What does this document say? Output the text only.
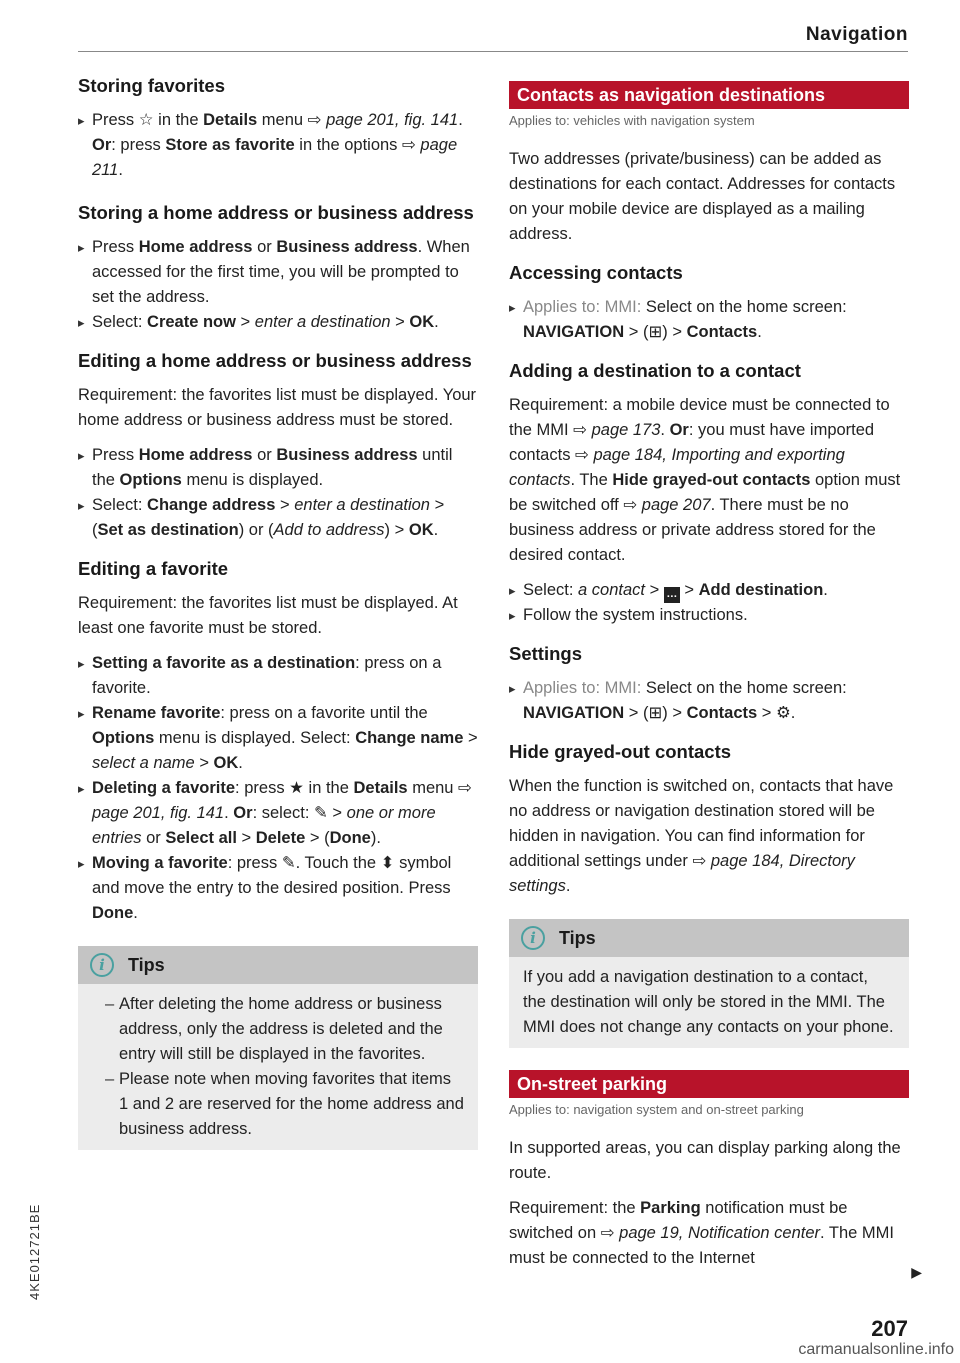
Navigation
4KE012721BE
Storing favorites
▸ Press ☆ in the Details menu ⇨ page 201, fig. 141. Or: press Store as favorite in the options ⇨ page 211.
Storing a home address or business address
▸ Press Home address or Business address. When accessed for the first time, you will be prompted to set the address.
▸ Select: Create now > enter a destination > OK.
Editing a home address or business address

Requirement: the favorites list must be displayed. Your home address or business address must be stored.

▸ Press Home address or Business address until the Options menu is displayed.
▸ Select: Change address > enter a destination > (Set as destination) or (Add to address) > OK.
Editing a favorite

Requirement: the favorites list must be displayed. At least one favorite must be stored.

▸ Setting a favorite as a destination: press on a favorite.
▸ Rename favorite: press on a favorite until the Options menu is displayed. Select: Change name > select a name > OK.
▸ Deleting a favorite: press ★ in the Details menu ⇨ page 201, fig. 141. Or: select: ✎ > one or more entries or Select all > Delete > (Done).
▸ Moving a favorite: press ✎. Touch the ⬍ symbol and move the entry to the desired position. Press Done.
i	Tips
– After deleting the home address or business address, only the address is deleted and the entry will still be displayed in the favorites.
– Please note when moving favorites that items 1 and 2 are reserved for the home address and business address.
Contacts as navigation destinations
Applies to: vehicles with navigation system

Two addresses (private/business) can be added as destinations for each contact. Addresses for contacts on your mobile device are displayed as a mailing address.

Accessing contacts
▸ Applies to: MMI: Select on the home screen: NAVIGATION > (⊞) > Contacts.
Adding a destination to a contact

Requirement: a mobile device must be connected to the MMI ⇨ page 173. Or: you must have imported contacts ⇨ page 184, Importing and exporting contacts. The Hide grayed-out contacts option must be switched off ⇨ page 207. There must be no business address or private address stored for the desired contact.

▸ Select: a contact > … > Add destination.
▸ Follow the system instructions.
Settings
▸ Applies to: MMI: Select on the home screen: NAVIGATION > (⊞) > Contacts > ⚙.
Hide grayed-out contacts

When the function is switched on, contacts that have no address or navigation destination stored will be hidden in navigation. You can find information for additional settings under ⇨ page 184, Directory settings.

i	Tips

If you add a navigation destination to a contact, the destination will only be stored in the MMI. The MMI does not change any contacts on your phone.

On-street parking
Applies to: navigation system and on-street parking

In supported areas, you can display parking along the route.

Requirement: the Parking notification must be switched on ⇨ page 19, Notification center. The MMI must be connected to the Internet

▶
207
carmanualsonline.info
